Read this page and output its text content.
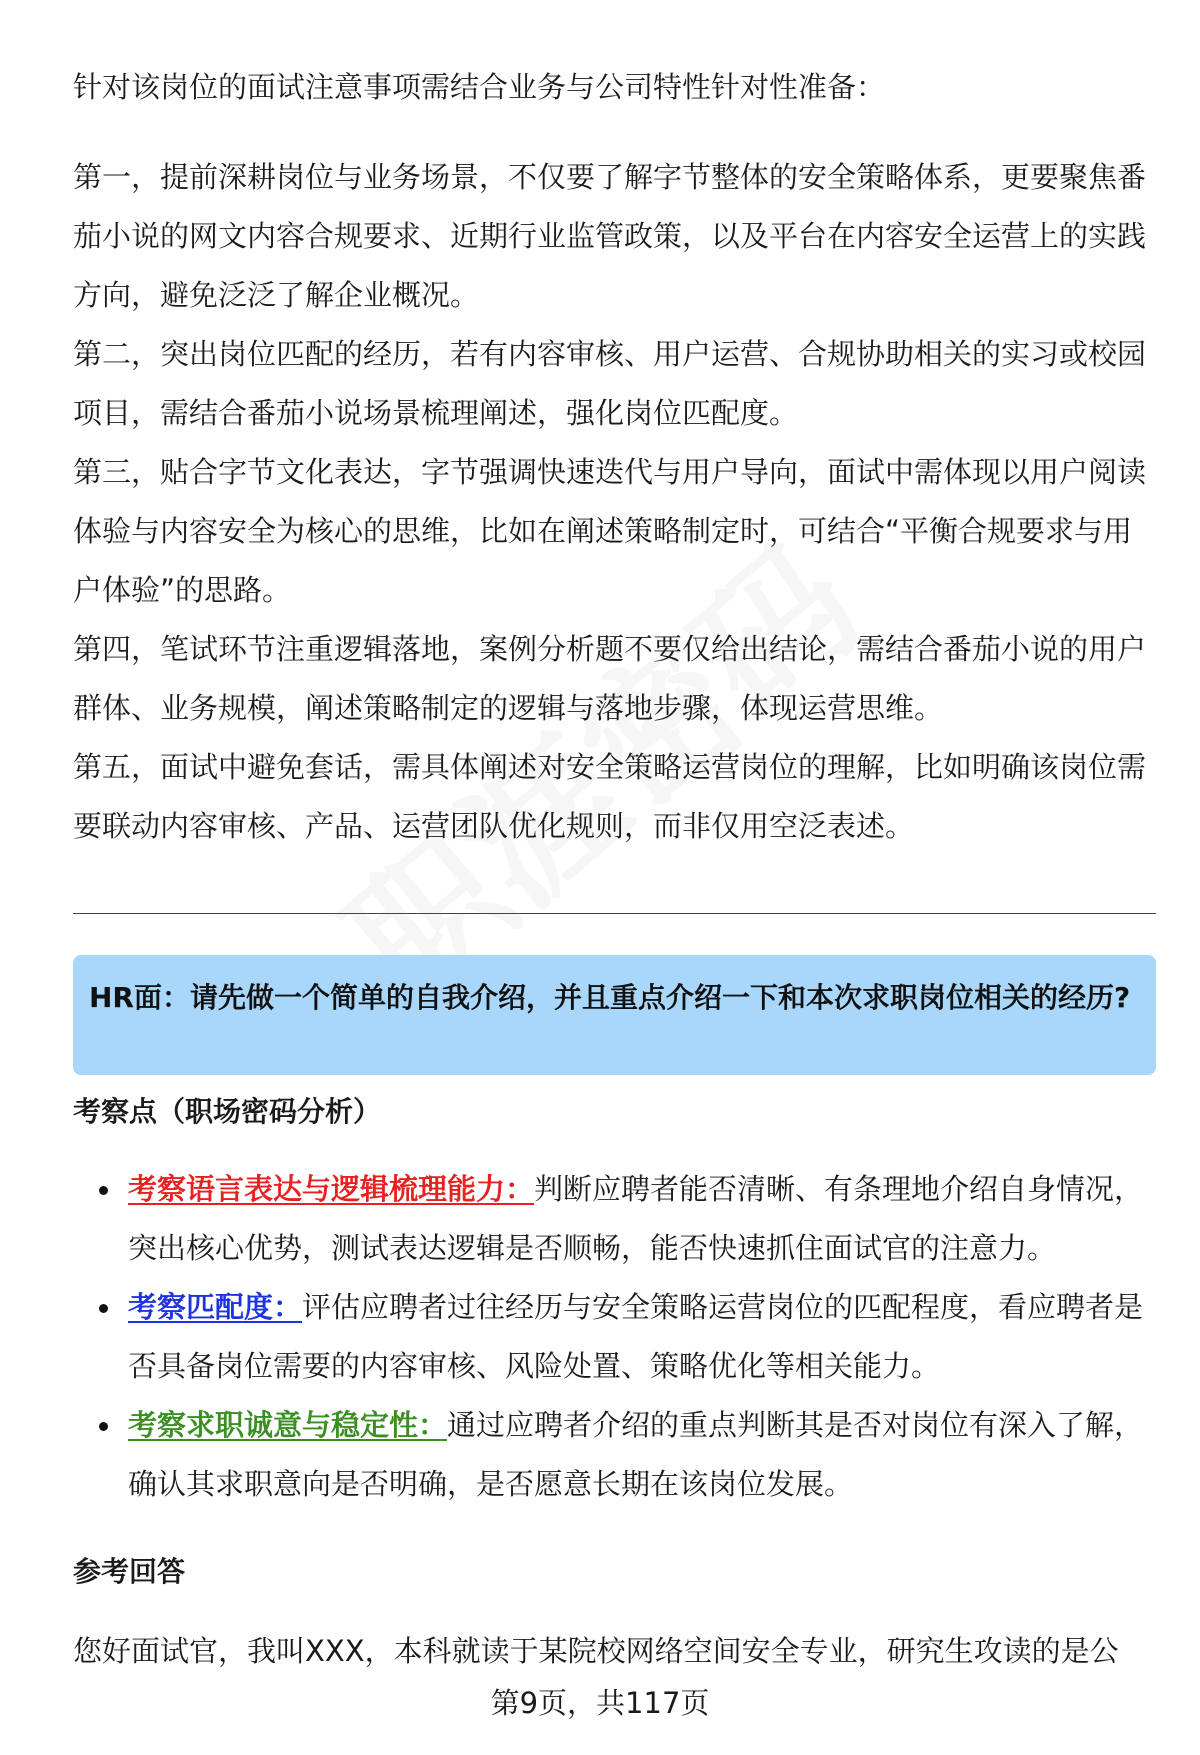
针对该岗位的面试注意事项需结合业务与公司特性针对性准备：

第一，提前深耕岗位与业务场景，不仅要了解字节整体的安全策略体系，更要聚焦番茄小说的网文内容合规要求、近期行业监管政策，以及平台在内容安全运营上的实践方向，避免泛泛了解企业概况。

第二，突出岗位匹配的经历，若有内容审核、用户运营、合规协助相关的实习或校园项目，需结合番茄小说场景梳理阐述，强化岗位匹配度。

第三，贴合字节文化表达，字节强调快速迭代与用户导向，面试中需体现以用户阅读体验与内容安全为核心的思维，比如在阐述策略制定时，可结合“平衡合规要求与用户体验”的思路。

第四，笔试环节注重逻辑落地，案例分析题不要仅给出结论，需结合番茄小说的用户群体、业务规模，阐述策略制定的逻辑与落地步骤，体现运营思维。

第五，面试中避免套话，需具体阐述对安全策略运营岗位的理解，比如明确该岗位需要联动内容审核、产品、运营团队优化规则，而非仅用空泛表述。

HR面：请先做一个简单的自我介绍，并且重点介绍一下和本次求职岗位相关的经历?
考察点（职场密码分析）
考察语言表达与逻辑梳理能力：判断应聘者能否清晰、有条理地介绍自身情况，突出核心优势，测试表达逻辑是否顺畅，能否快速抓住面试官的注意力。
考察匹配度：评估应聘者过往经历与安全策略运营岗位的匹配程度，看应聘者是否具备岗位需要的内容审核、风险处置、策略优化等相关能力。
考察求职诚意与稳定性：通过应聘者介绍的重点判断其是否对岗位有深入了解，确认其求职意向是否明确，是否愿意长期在该岗位发展。
参考回答

您好面试官，我叫XXX，本科就读于某院校网络空间安全专业，研究生攻读的是公

第9页，共117页
